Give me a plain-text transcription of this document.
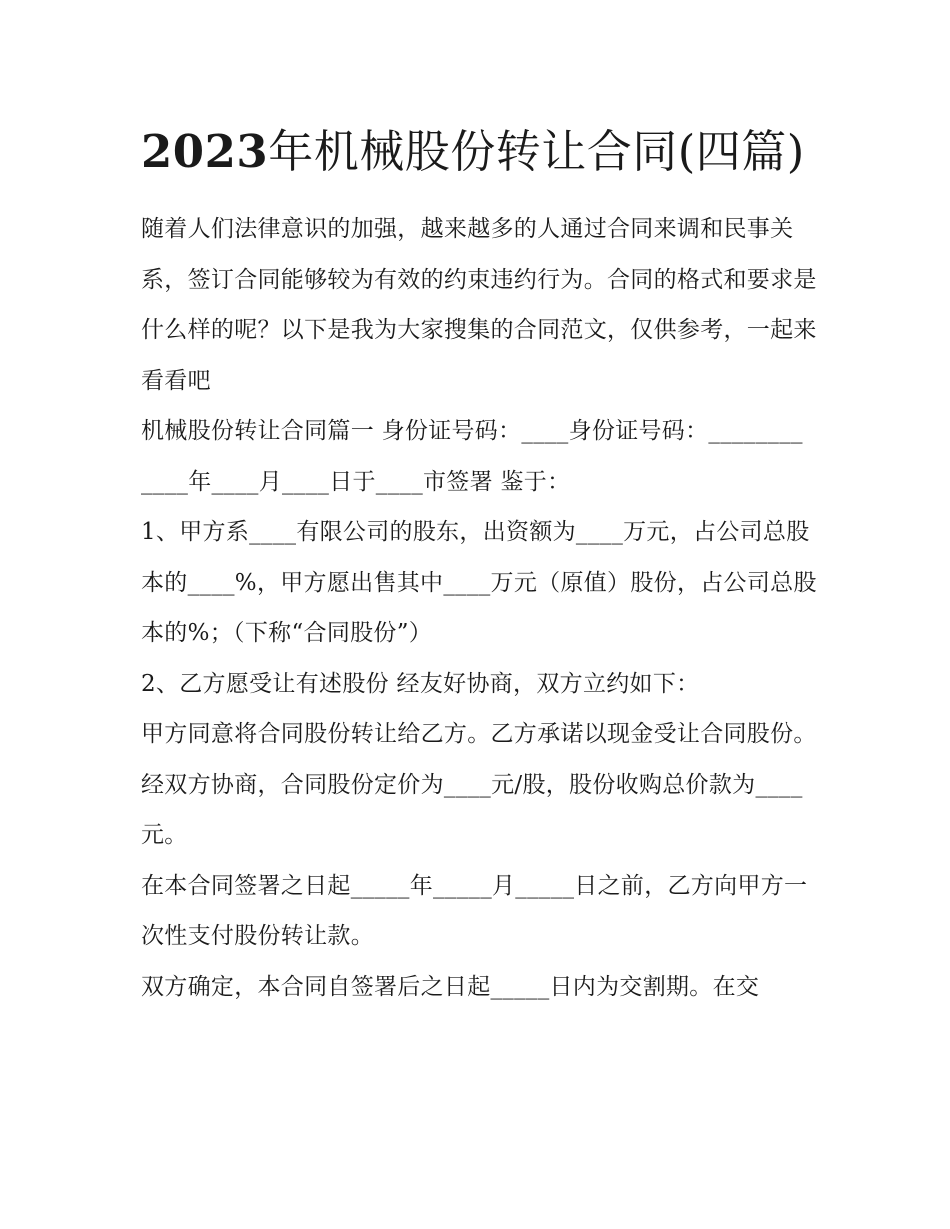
2023年机械股份转让合同(四篇)

随着人们法律意识的加强，越来越多的人通过合同来调和民事关系，签订合同能够较为有效的约束违约行为。合同的格式和要求是什么样的呢？以下是我为大家搜集的合同范文，仅供参考，一起来看看吧

机械股份转让合同篇一 身份证号码：____身份证号码：________ ____年____月____日于____市签署 鉴于：

1、甲方系____有限公司的股东，出资额为____万元，占公司总股本的____%，甲方愿出售其中____万元（原值）股份，占公司总股本的%；（下称“合同股份”）

2、乙方愿受让有述股份 经友好协商，双方立约如下：

甲方同意将合同股份转让给乙方。乙方承诺以现金受让合同股份。经双方协商，合同股份定价为____元/股，股份收购总价款为____元。

在本合同签署之日起_____年_____月_____日之前，乙方向甲方一次性支付股份转让款。

双方确定，本合同自签署后之日起_____日内为交割期。在交
